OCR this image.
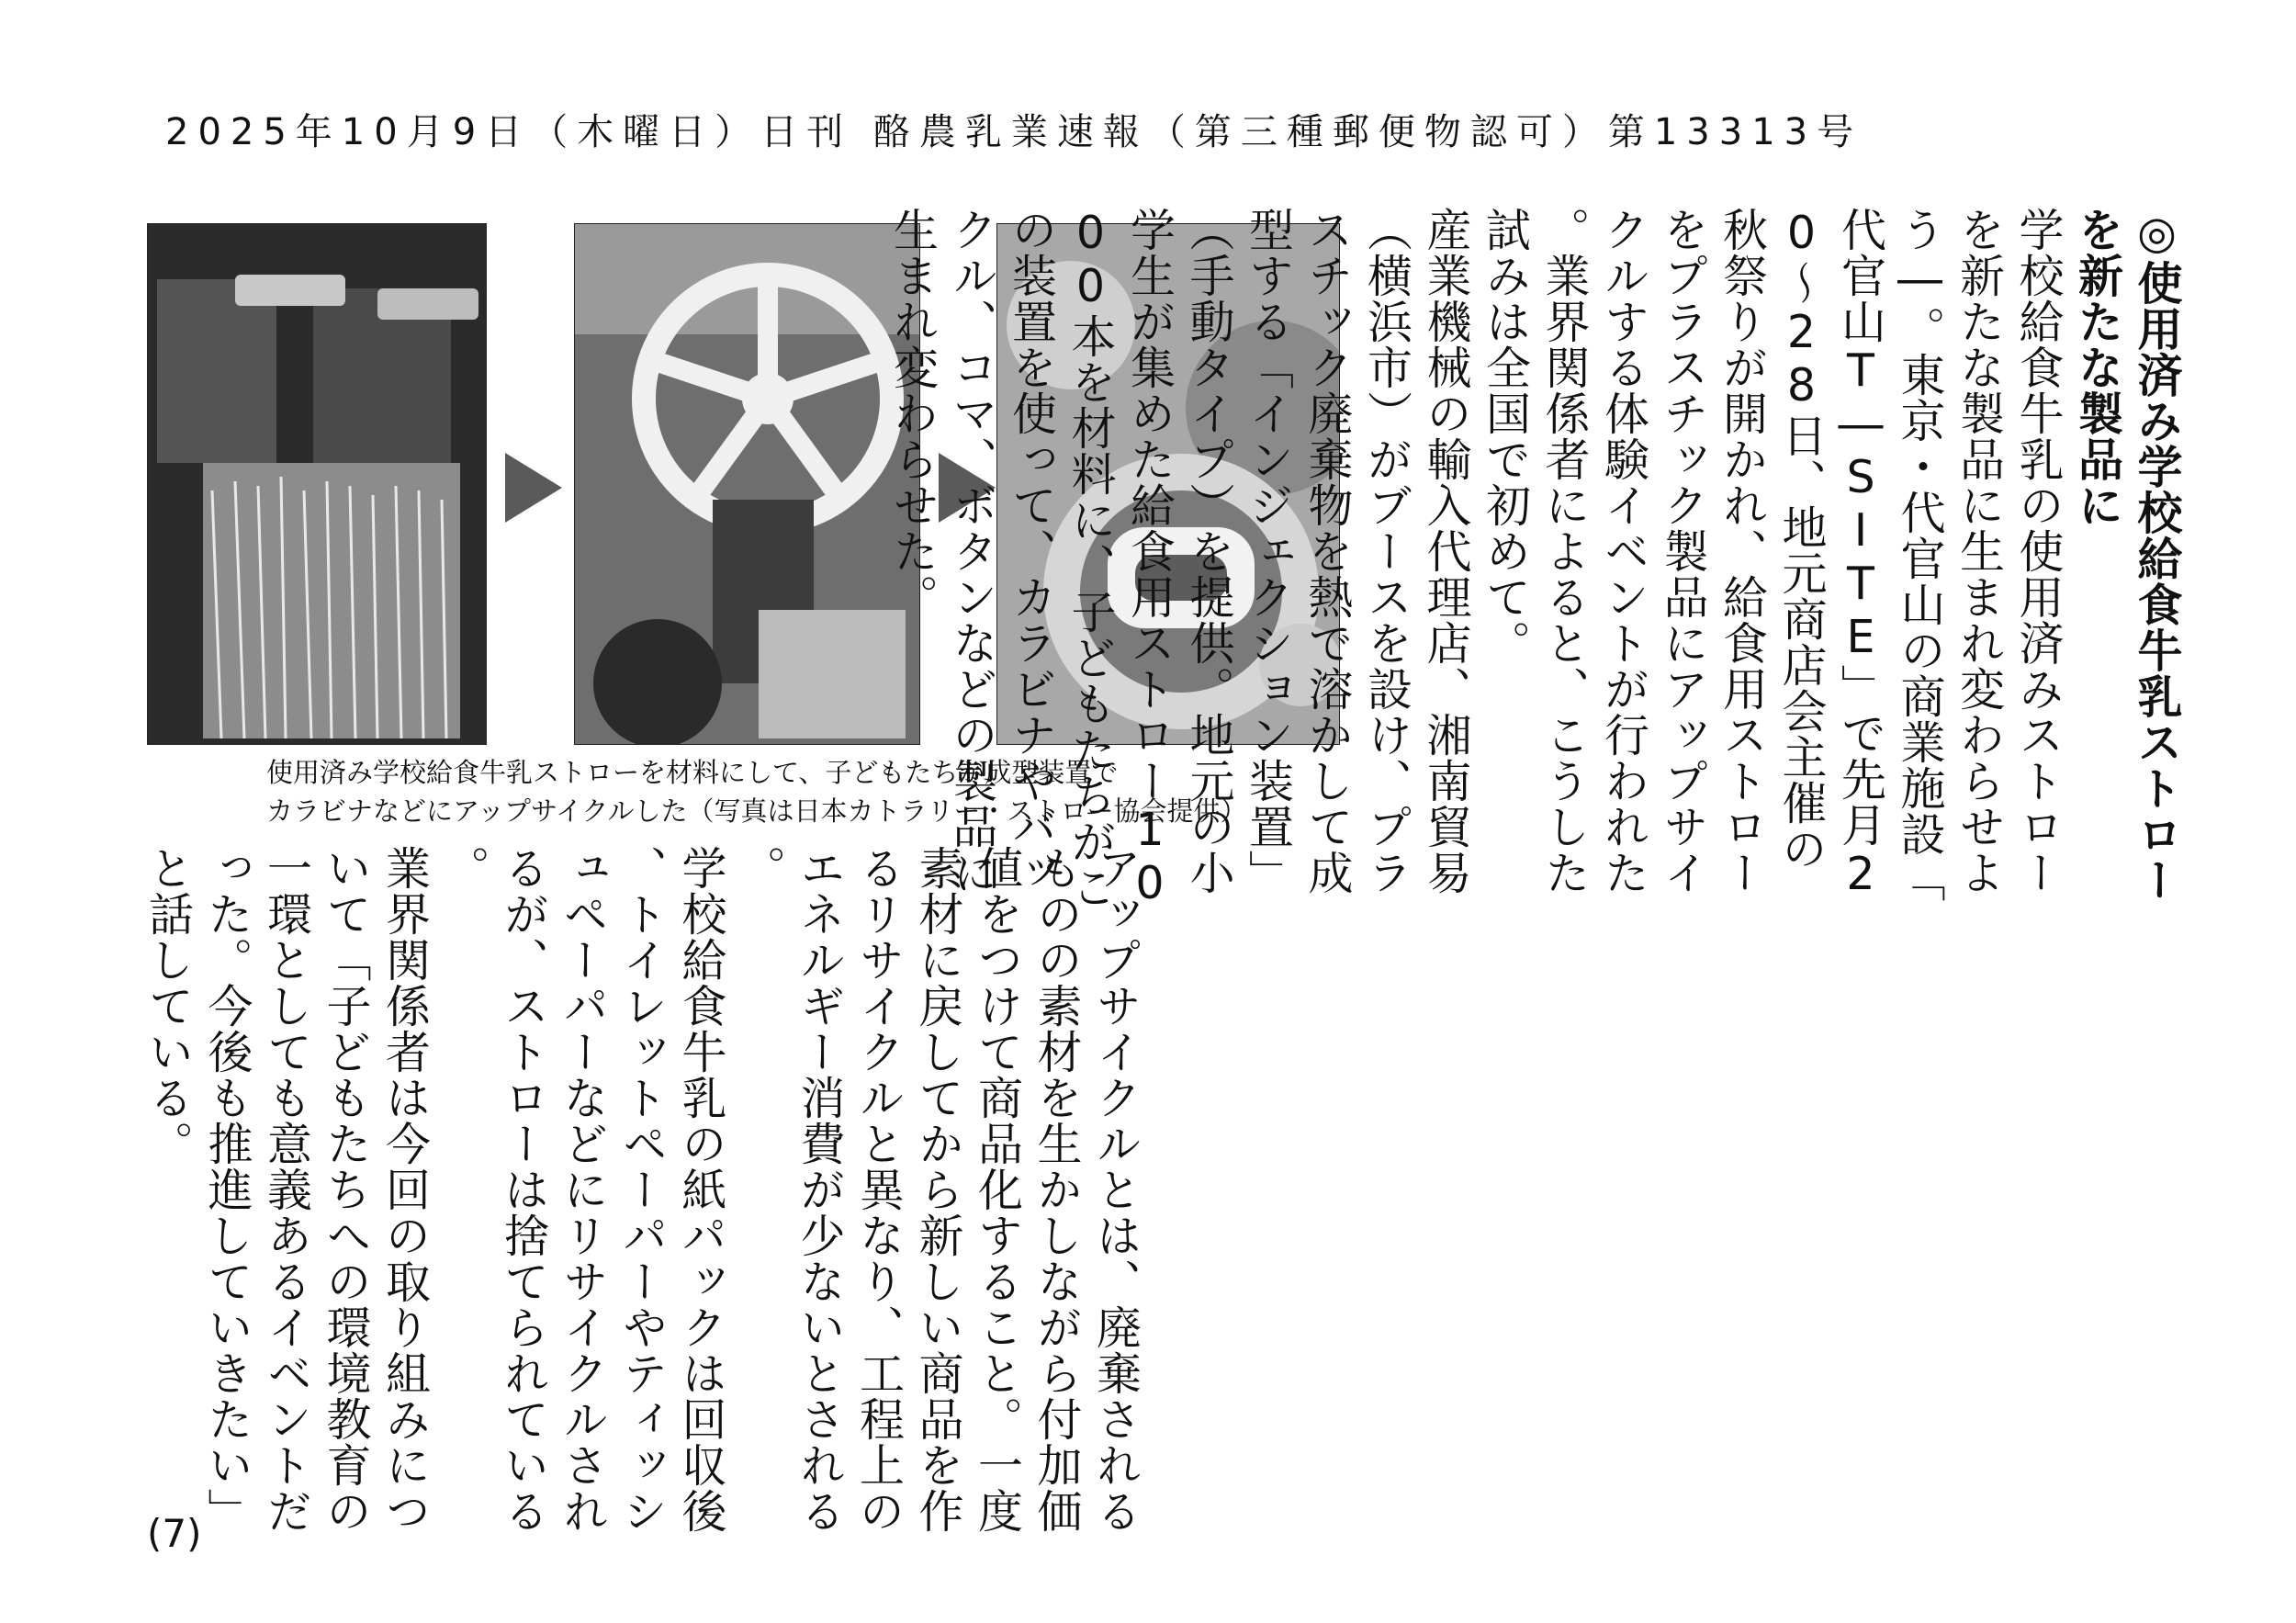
2025年10月9日（木曜日）日刊 酪農乳業速報（第三種郵便物認可）第13313号
使用済み学校給食牛乳ストローを材料にして、子どもたちが成型装置で
カラビナなどにアップサイクルした（写真は日本カトラリー・ストロー協会提供）	◎使用済み学校給食牛乳ストローを新たな製品に

学校給食牛乳の使用済みストローを新たな製品に生まれ変わらせよう―。東京・代官山の商業施設「代官山T―SITE」で先月20～28日、地元商店会主催の秋祭りが開かれ、給食用ストローをプラスチック製品にアップサイクルする体験イベントが行われた。業界関係者によると、こうした試みは全国で初めて。

産業機械の輸入代理店、湘南貿易（横浜市）がブースを設け、プラスチック廃棄物を熱で溶かして成型する「インジェクション装置」（手動タイプ）を提供。地元の小学生が集めた給食用ストロー1000本を材料に、子どもたちがこの装置を使って、カラビナやバックル、コマ、ボタンなどの製品に生まれ変わらせた。

アップサイクルとは、廃棄されるものの素材を生かしながら付加価値をつけて商品化すること。一度素材に戻してから新しい商品を作るリサイクルと異なり、工程上のエネルギー消費が少ないとされる。

学校給食牛乳の紙パックは回収後、トイレットペーパーやティッシュペーパーなどにリサイクルされるが、ストローは捨てられている。

業界関係者は今回の取り組みについて「子どもたちへの環境教育の一環としても意義あるイベントだった。今後も推進していきたい」と話している。

(7)
